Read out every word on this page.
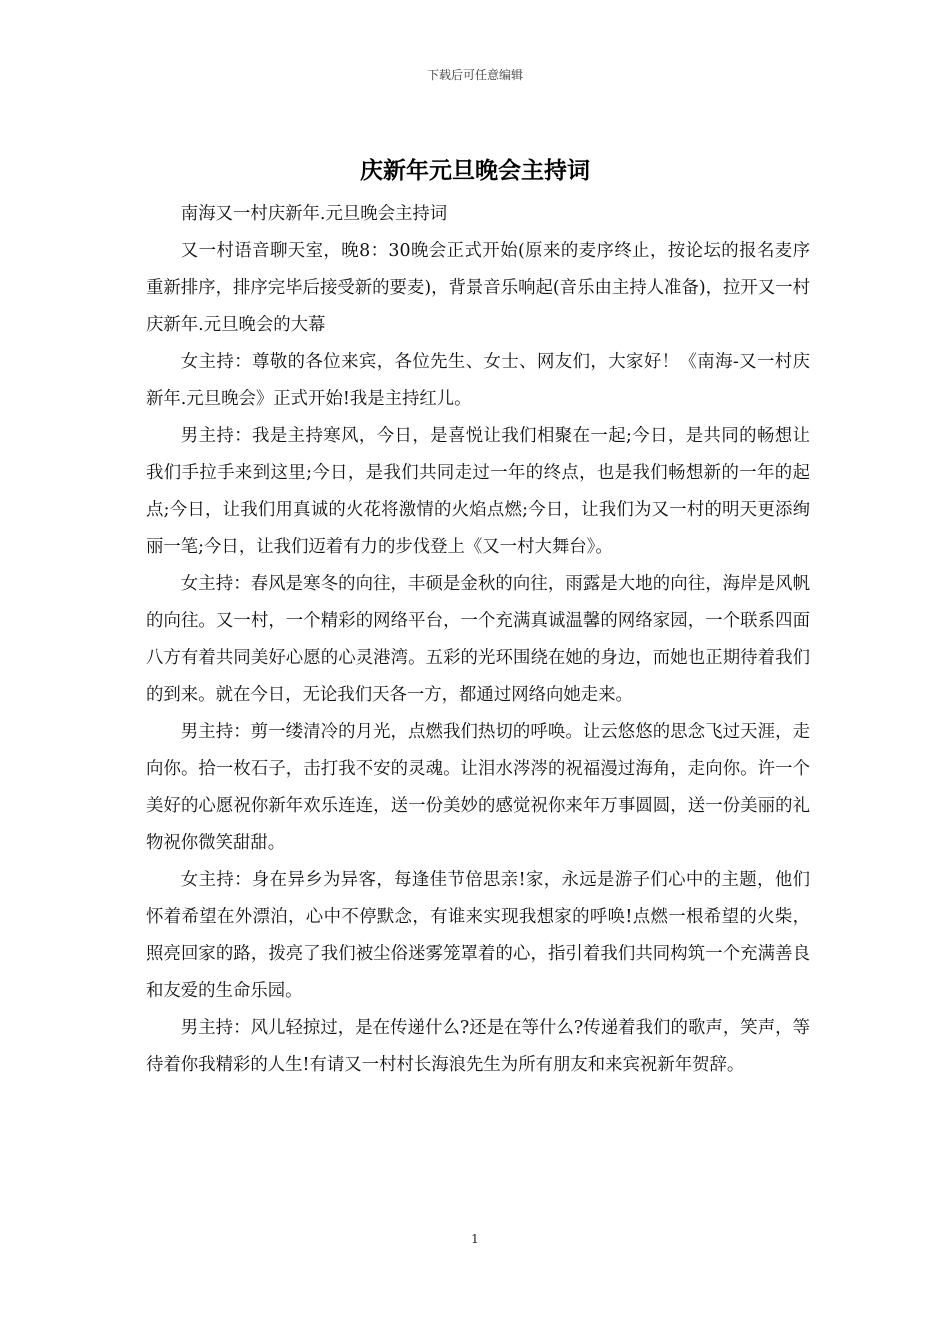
下载后可任意编辑
庆新年元旦晚会主持词

南海又一村庆新年.元旦晚会主持词

又一村语音聊天室，晚8：30晚会正式开始(原来的麦序终止，按论坛的报名麦序重新排序，排序完毕后接受新的要麦)，背景音乐响起(音乐由主持人准备)，拉开又一村庆新年.元旦晚会的大幕

女主持：尊敬的各位来宾，各位先生、女士、网友们，大家好！《南海-又一村庆新年.元旦晚会》正式开始!我是主持红儿。

男主持：我是主持寒风，今日，是喜悦让我们相聚在一起;今日，是共同的畅想让我们手拉手来到这里;今日，是我们共同走过一年的终点，也是我们畅想新的一年的起点;今日，让我们用真诚的火花将激情的火焰点燃;今日，让我们为又一村的明天更添绚丽一笔;今日，让我们迈着有力的步伐登上《又一村大舞台》。

女主持：春风是寒冬的向往，丰硕是金秋的向往，雨露是大地的向往，海岸是风帆的向往。又一村，一个精彩的网络平台，一个充满真诚温馨的网络家园，一个联系四面八方有着共同美好心愿的心灵港湾。五彩的光环围绕在她的身边，而她也正期待着我们的到来。就在今日，无论我们天各一方，都通过网络向她走来。

男主持：剪一缕清冷的月光，点燃我们热切的呼唤。让云悠悠的思念飞过天涯，走向你。拾一枚石子，击打我不安的灵魂。让泪水涔涔的祝福漫过海角，走向你。许一个美好的心愿祝你新年欢乐连连，送一份美妙的感觉祝你来年万事圆圆，送一份美丽的礼物祝你微笑甜甜。

女主持：身在异乡为异客，每逢佳节倍思亲!家，永远是游子们心中的主题，他们怀着希望在外漂泊，心中不停默念，有谁来实现我想家的呼唤!点燃一根希望的火柴，照亮回家的路，拨亮了我们被尘俗迷雾笼罩着的心，指引着我们共同构筑一个充满善良和友爱的生命乐园。

男主持：风儿轻掠过，是在传递什么?还是在等什么?传递着我们的歌声，笑声，等待着你我精彩的人生!有请又一村村长海浪先生为所有朋友和来宾祝新年贺辞。

1
